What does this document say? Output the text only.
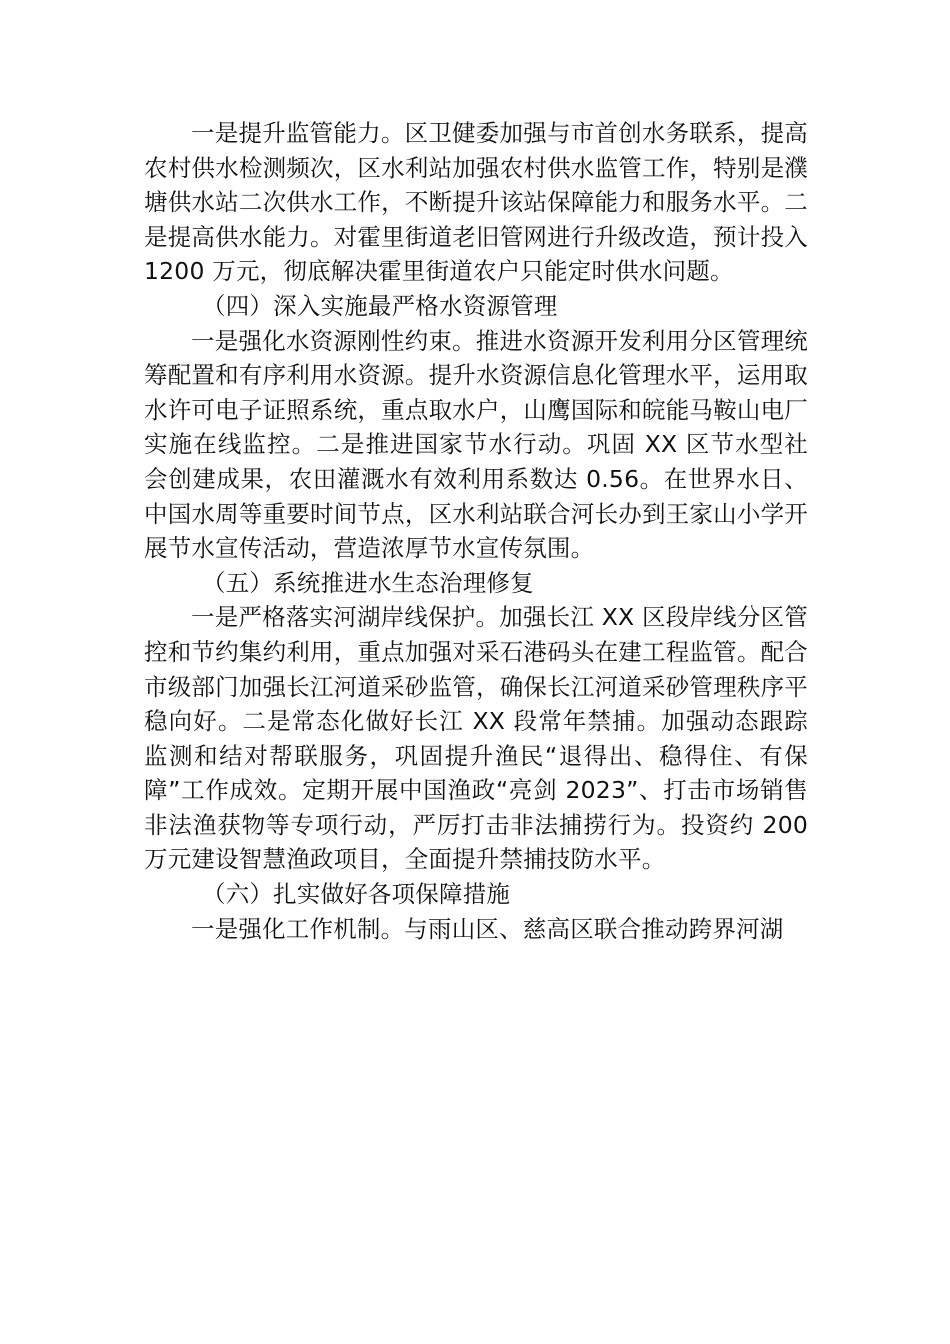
一是提升监管能力。区卫健委加强与市首创水务联系，提高农村供水检测频次，区水利站加强农村供水监管工作，特别是濮塘供水站二次供水工作，不断提升该站保障能力和服务水平。二是提高供水能力。对霍里街道老旧管网进行升级改造，预计投入 1200 万元，彻底解决霍里街道农户只能定时供水问题。

（四）深入实施最严格水资源管理

一是强化水资源刚性约束。推进水资源开发利用分区管理统筹配置和有序利用水资源。提升水资源信息化管理水平，运用取水许可电子证照系统，重点取水户，山鹰国际和皖能马鞍山电厂实施在线监控。二是推进国家节水行动。巩固 XX 区节水型社会创建成果，农田灌溉水有效利用系数达 0.56。在世界水日、中国水周等重要时间节点，区水利站联合河长办到王家山小学开展节水宣传活动，营造浓厚节水宣传氛围。

（五）系统推进水生态治理修复

一是严格落实河湖岸线保护。加强长江 XX 区段岸线分区管控和节约集约利用，重点加强对采石港码头在建工程监管。配合市级部门加强长江河道采砂监管，确保长江河道采砂管理秩序平稳向好。二是常态化做好长江 XX 段常年禁捕。加强动态跟踪监测和结对帮联服务，巩固提升渔民“退得出、稳得住、有保障”工作成效。定期开展中国渔政“亮剑 2023”、打击市场销售非法渔获物等专项行动，严厉打击非法捕捞行为。投资约 200 万元建设智慧渔政项目，全面提升禁捕技防水平。

（六）扎实做好各项保障措施

一是强化工作机制。与雨山区、慈高区联合推动跨界河湖
